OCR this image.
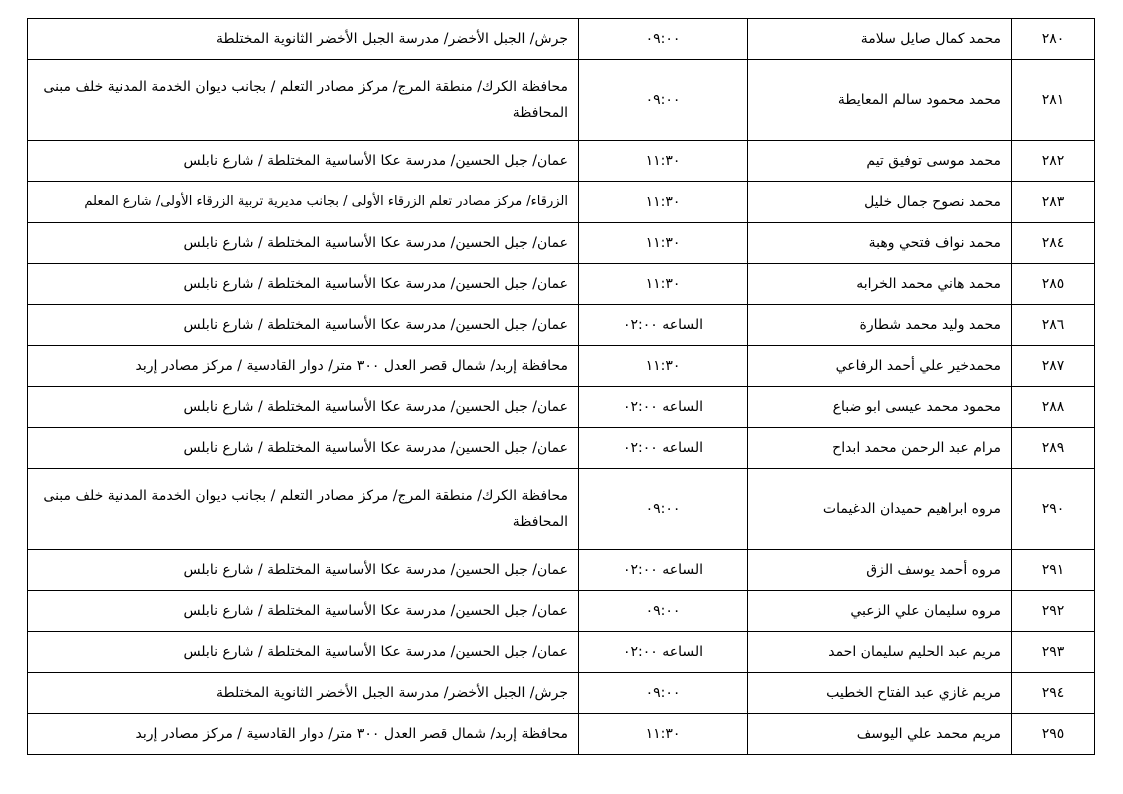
٢٨٠	محمد كمال صايل سلامة	٠٩:٠٠	جرش/ الجبل الأخضر/ مدرسة الجبل الأخضر الثانوية المختلطة
٢٨١	محمد محمود سالم المعايطة	٠٩:٠٠	محافظة الكرك/ منطقة المرج/ مركز مصادر التعلم / بجانب ديوان الخدمة المدنية خلف مبنى المحافظة
٢٨٢	محمد موسى توفيق تيم	١١:٣٠	عمان/ جبل الحسين/ مدرسة عكا الأساسية المختلطة / شارع نابلس
٢٨٣	محمد نصوح جمال خليل	١١:٣٠	الزرقاء/ مركز مصادر تعلم الزرقاء الأولى / بجانب مديرية تربية الزرقاء الأولى/ شارع المعلم
٢٨٤	محمد نواف فتحي وهبة	١١:٣٠	عمان/ جبل الحسين/ مدرسة عكا الأساسية المختلطة / شارع نابلس
٢٨٥	محمد هاني محمد الخرابه	١١:٣٠	عمان/ جبل الحسين/ مدرسة عكا الأساسية المختلطة / شارع نابلس
٢٨٦	محمد وليد محمد شطارة	الساعه ٠٢:٠٠	عمان/ جبل الحسين/ مدرسة عكا الأساسية المختلطة / شارع نابلس
٢٨٧	محمدخير علي أحمد الرفاعي	١١:٣٠	محافظة إربد/ شمال قصر العدل ٣٠٠ متر/ دوار القادسية / مركز مصادر إربد
٢٨٨	محمود محمد عيسى ابو ضباع	الساعه ٠٢:٠٠	عمان/ جبل الحسين/ مدرسة عكا الأساسية المختلطة / شارع نابلس
٢٨٩	مرام عبد الرحمن محمد ابداح	الساعه ٠٢:٠٠	عمان/ جبل الحسين/ مدرسة عكا الأساسية المختلطة / شارع نابلس
٢٩٠	مروه ابراهيم حميدان الدغيمات	٠٩:٠٠	محافظة الكرك/ منطقة المرج/ مركز مصادر التعلم / بجانب ديوان الخدمة المدنية خلف مبنى المحافظة
٢٩١	مروه أحمد يوسف الزق	الساعه ٠٢:٠٠	عمان/ جبل الحسين/ مدرسة عكا الأساسية المختلطة / شارع نابلس
٢٩٢	مروه سليمان علي الزعبي	٠٩:٠٠	عمان/ جبل الحسين/ مدرسة عكا الأساسية المختلطة / شارع نابلس
٢٩٣	مريم عبد الحليم سليمان احمد	الساعه ٠٢:٠٠	عمان/ جبل الحسين/ مدرسة عكا الأساسية المختلطة / شارع نابلس
٢٩٤	مريم غازي عبد الفتاح الخطيب	٠٩:٠٠	جرش/ الجبل الأخضر/ مدرسة الجبل الأخضر الثانوية المختلطة
٢٩٥	مريم محمد علي اليوسف	١١:٣٠	محافظة إربد/ شمال قصر العدل ٣٠٠ متر/ دوار القادسية / مركز مصادر إربد
